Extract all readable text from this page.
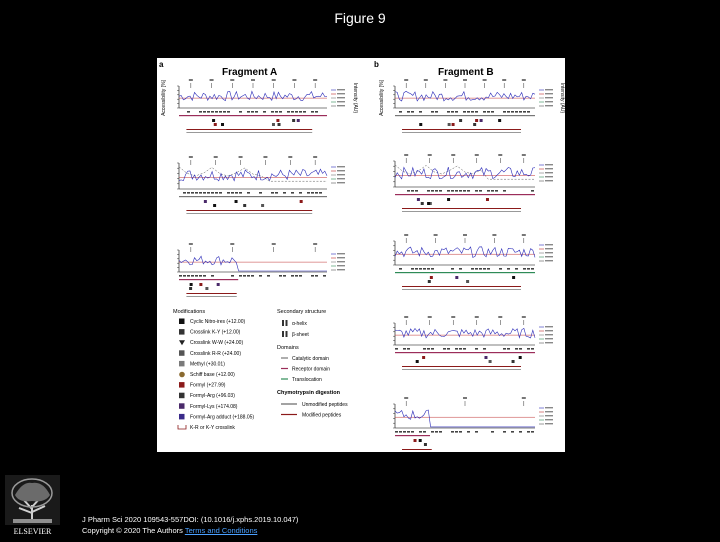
Figure 9
a
Fragment A
b
Fragment B
Accessibility [%]	Intensity (AU)	Accessibility [%]	Intensity (AU)
Modifications
Cyclic Nitro-ires (+12.00)
Crosslink K-Y (+12.00)
Crosslink W-W (+24.00)
Crosslink R-R (+24.00)
Methyl (+30.01)
Schiff base (+12.00)
Formyl (+27.99)
Formyl-Arg (+96.03)
Formyl-Lys (+174.08)
Formyl-Arg adduct (+188.05)
K-R or K-Y crosslink
Secondary structure
α-helix
β-sheet
Domains
Catalytic domain
Receptor domain
Translocation
Chymotrypsin digestion
Unmodified peptides
Modified peptides
ELSEVIER
J Pharm Sci 2020 109543-557DOI: (10.1016/j.xphs.2019.10.047)
Copyright © 2020 The Authors Terms and Conditions
